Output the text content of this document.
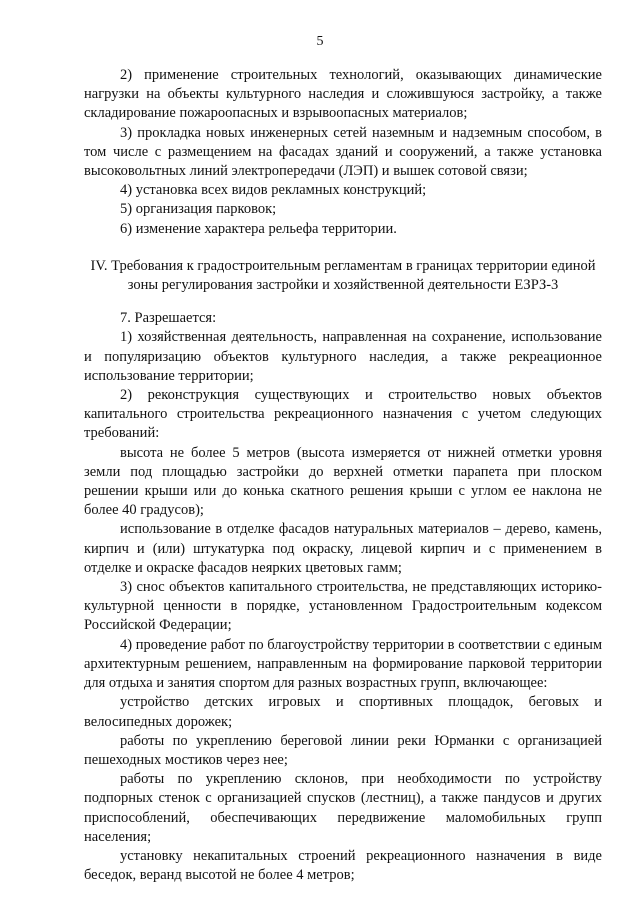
5

2) применение строительных технологий, оказывающих динамические нагрузки на объекты культурного наследия и сложившуюся застройку, а также складирование пожароопасных и взрывоопасных материалов;

3) прокладка новых инженерных сетей наземным и надземным способом, в том числе с размещением на фасадах зданий и сооружений, а также установка высоковольтных линий электропередачи (ЛЭП) и вышек сотовой связи;

4) установка всех видов рекламных конструкций;

5) организация парковок;

6) изменение характера рельефа территории.

IV. Требования к градостроительным регламентам в границах территории единой зоны регулирования застройки и хозяйственной деятельности ЕЗРЗ-3

7. Разрешается:

1) хозяйственная деятельность, направленная на сохранение, использование и популяризацию объектов культурного наследия, а также рекреационное использование территории;

2) реконструкция существующих и строительство новых объектов капитального строительства рекреационного назначения с учетом следующих требований:

высота не более 5 метров (высота измеряется от нижней отметки уровня земли под площадью застройки до верхней отметки парапета при плоском решении крыши или до конька скатного решения крыши с углом ее наклона не более 40 градусов);

использование в отделке фасадов натуральных материалов – дерево, камень, кирпич и (или) штукатурка под окраску, лицевой кирпич и с применением в отделке и окраске фасадов неярких цветовых гамм;

3) снос объектов капитального строительства, не представляющих историко-культурной ценности в порядке, установленном Градостроительным кодексом Российской Федерации;

4) проведение работ по благоустройству территории в соответствии с единым архитектурным решением, направленным на формирование парковой территории для отдыха и занятия спортом для разных возрастных групп, включающее:

устройство детских игровых и спортивных площадок, беговых и велосипедных дорожек;

работы по укреплению береговой линии реки Юрманки с организацией пешеходных мостиков через нее;

работы по укреплению склонов, при необходимости по устройству подпорных стенок с организацией спусков (лестниц), а также пандусов и других приспособлений, обеспечивающих передвижение маломобильных групп населения;

установку некапитальных строений рекреационного назначения в виде беседок, веранд высотой не более 4 метров;
